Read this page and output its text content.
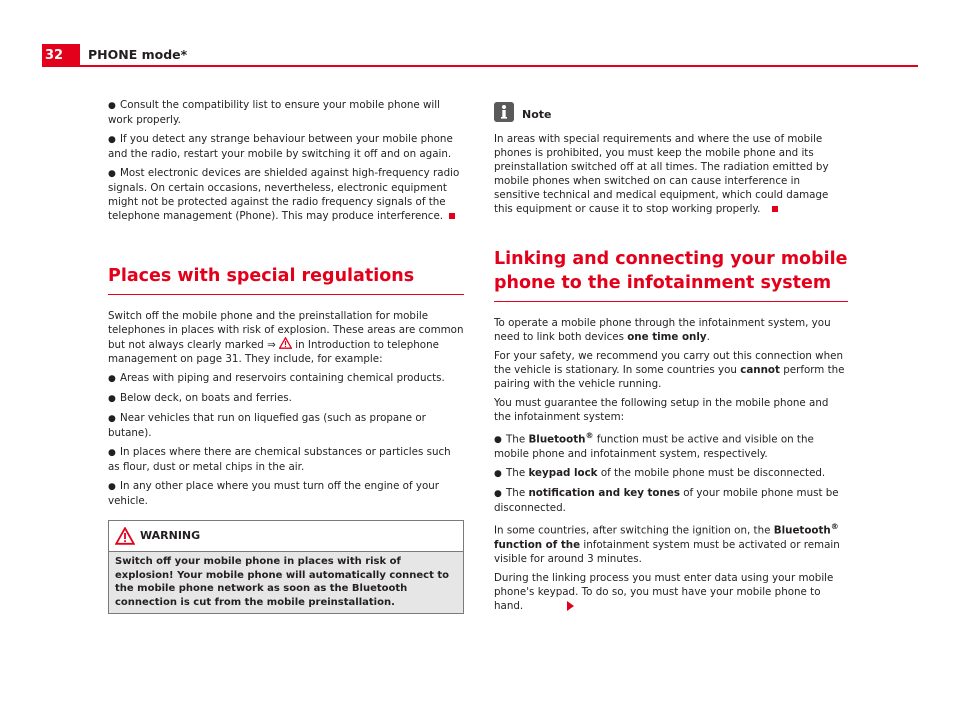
32	PHONE mode*
● Consult the compatibility list to ensure your mobile phone will work properly.
● If you detect any strange behaviour between your mobile phone and the radio, restart your mobile by switching it off and on again.
● Most electronic devices are shielded against high-frequency radio signals. On certain occasions, nevertheless, electronic equipment might not be protected against the radio frequency signals of the telephone management (Phone). This may produce interference.
Places with special regulations

Switch off the mobile phone and the preinstallation for mobile telephones in places with risk of explosion. These areas are common but not always clearly marked ⇒  in Introduction to telephone management on page 31. They include, for example:

● Areas with piping and reservoirs containing chemical products.
● Below deck, on boats and ferries.
● Near vehicles that run on liquefied gas (such as propane or butane).
● In places where there are chemical substances or particles such as flour, dust or metal chips in the air.
● In any other place where you must turn off the engine of your vehicle.
WARNING
Switch off your mobile phone in places with risk of explosion! Your mobile phone will automatically connect to the mobile phone network as soon as the Bluetooth connection is cut from the mobile preinstallation.
Note

In areas with special requirements and where the use of mobile phones is prohibited, you must keep the mobile phone and its preinstallation switched off at all times. The radiation emitted by mobile phones when switched on can cause interference in sensitive technical and medical equipment, which could damage this equipment or cause it to stop working properly.

Linking and connecting your mobile phone to the infotainment system

To operate a mobile phone through the infotainment system, you need to link both devices one time only.

For your safety, we recommend you carry out this connection when the vehicle is stationary. In some countries you cannot perform the pairing with the vehicle running.

You must guarantee the following setup in the mobile phone and the infotainment system:

● The Bluetooth® function must be active and visible on the mobile phone and infotainment system, respectively.
● The keypad lock of the mobile phone must be disconnected.
● The notification and key tones of your mobile phone must be disconnected.

In some countries, after switching the ignition on, the Bluetooth® function of the infotainment system must be activated or remain visible for around 3 minutes.

During the linking process you must enter data using your mobile phone's keypad. To do so, you must have your mobile phone to hand.
